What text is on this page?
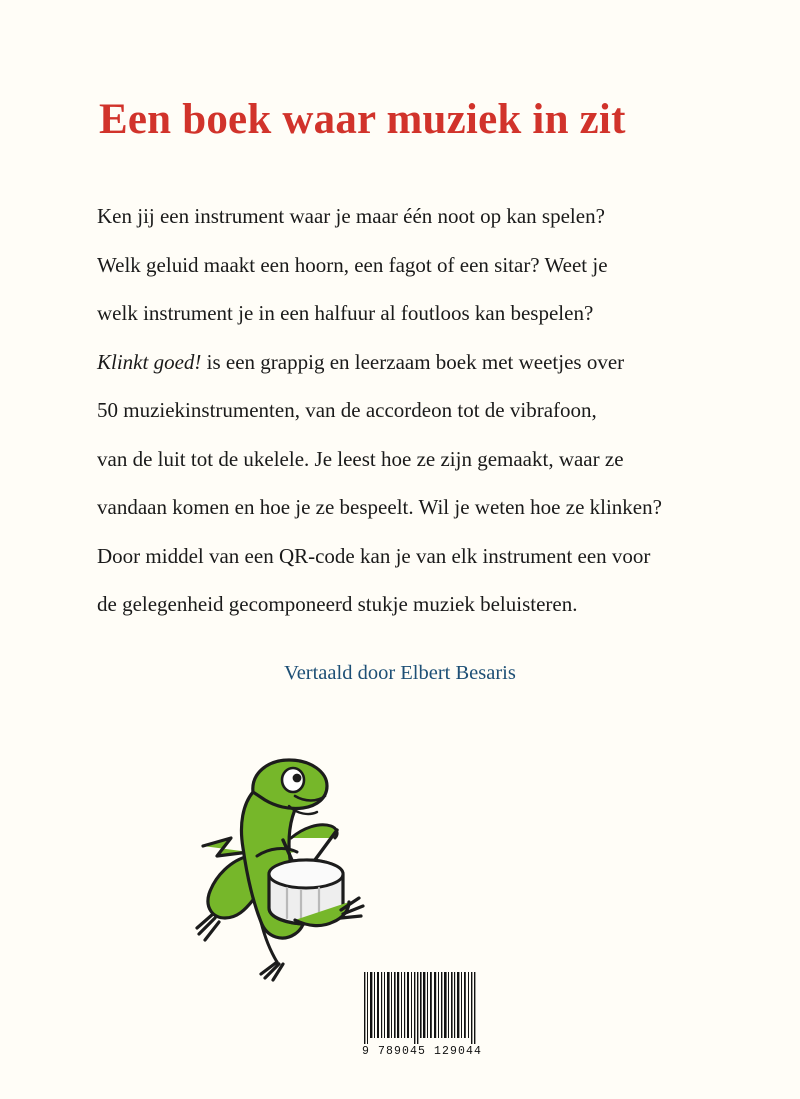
Een boek waar muziek in zit

Ken jij een instrument waar je maar één noot op kan spelen?

Welk geluid maakt een hoorn, een fagot of een sitar? Weet je

welk instrument je in een halfuur al foutloos kan bespelen?

Klinkt goed! is een grappig en leerzaam boek met weetjes over

50 muziekinstrumenten, van de accordeon tot de vibrafoon,

van de luit tot de ukelele. Je leest hoe ze zijn gemaakt, waar ze

vandaan komen en hoe je ze bespeelt. Wil je weten hoe ze klinken?

Door middel van een QR-code kan je van elk instrument een voor

de gelegenheid gecomponeerd stukje muziek beluisteren.

Vertaald door Elbert Besaris
9 789045 129044
